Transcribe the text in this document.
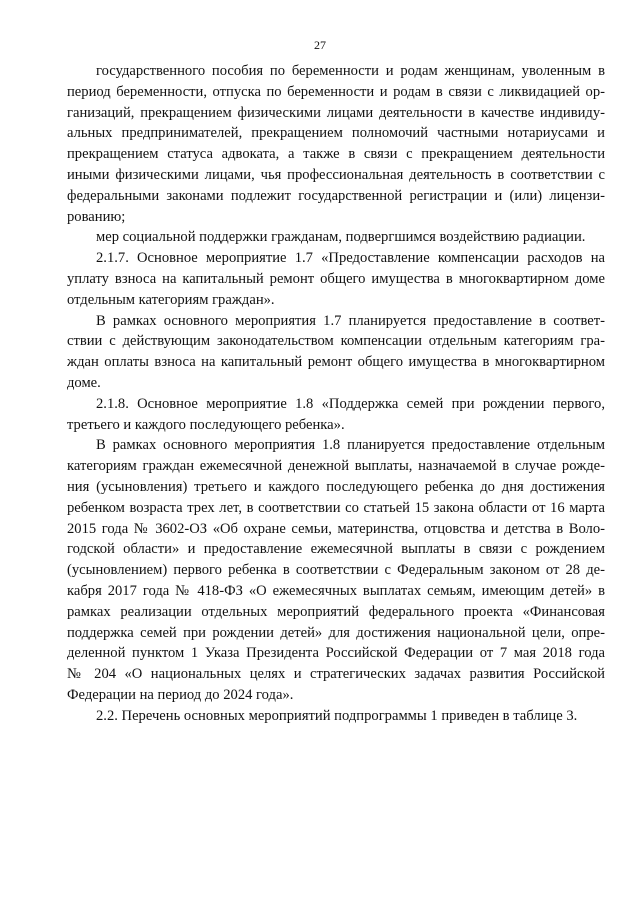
27
государственного пособия по беременности и родам женщинам, уволенным в
период беременности, отпуска по беременности и родам в связи с ликвидацией ор-
ганизаций, прекращением физическими лицами деятельности в качестве индивиду-
альных предпринимателей, прекращением полномочий частными нотариусами и
прекращением статуса адвоката, а также в связи с прекращением деятельности
иными физическими лицами, чья профессиональная деятельность в соответствии с
федеральными законами подлежит государственной регистрации и (или) лицензи-
рованию;
мер социальной поддержки гражданам, подвергшимся воздействию радиации.
2.1.7. Основное мероприятие 1.7 «Предоставление компенсации расходов на
уплату взноса на капитальный ремонт общего имущества в многоквартирном доме
отдельным категориям граждан».
В рамках основного мероприятия 1.7 планируется предоставление в соответ-
ствии с действующим законодательством компенсации отдельным категориям гра-
ждан оплаты взноса на капитальный ремонт общего имущества в многоквартирном
доме.
2.1.8. Основное мероприятие 1.8 «Поддержка семей при рождении первого,
третьего и каждого последующего ребенка».
В рамках основного мероприятия 1.8 планируется предоставление отдельным
категориям граждан ежемесячной денежной выплаты, назначаемой в случае рожде-
ния (усыновления) третьего и каждого последующего ребенка до дня достижения
ребенком возраста трех лет, в соответствии со статьей 15 закона области от 16 марта
2015 года № 3602-ОЗ «Об охране семьи, материнства, отцовства и детства в Воло-
годской области» и предоставление ежемесячной выплаты в связи с рождением
(усыновлением) первого ребенка в соответствии с Федеральным законом от 28 де-
кабря 2017 года № 418-ФЗ «О ежемесячных выплатах семьям, имеющим детей» в
рамках реализации отдельных мероприятий федерального проекта «Финансовая
поддержка семей при рождении детей» для достижения национальной цели, опре-
деленной пунктом 1 Указа Президента Российской Федерации от 7 мая 2018 года
№ 204 «О национальных целях и стратегических задачах развития Российской
Федерации на период до 2024 года».
2.2. Перечень основных мероприятий подпрограммы 1 приведен в таблице 3.
